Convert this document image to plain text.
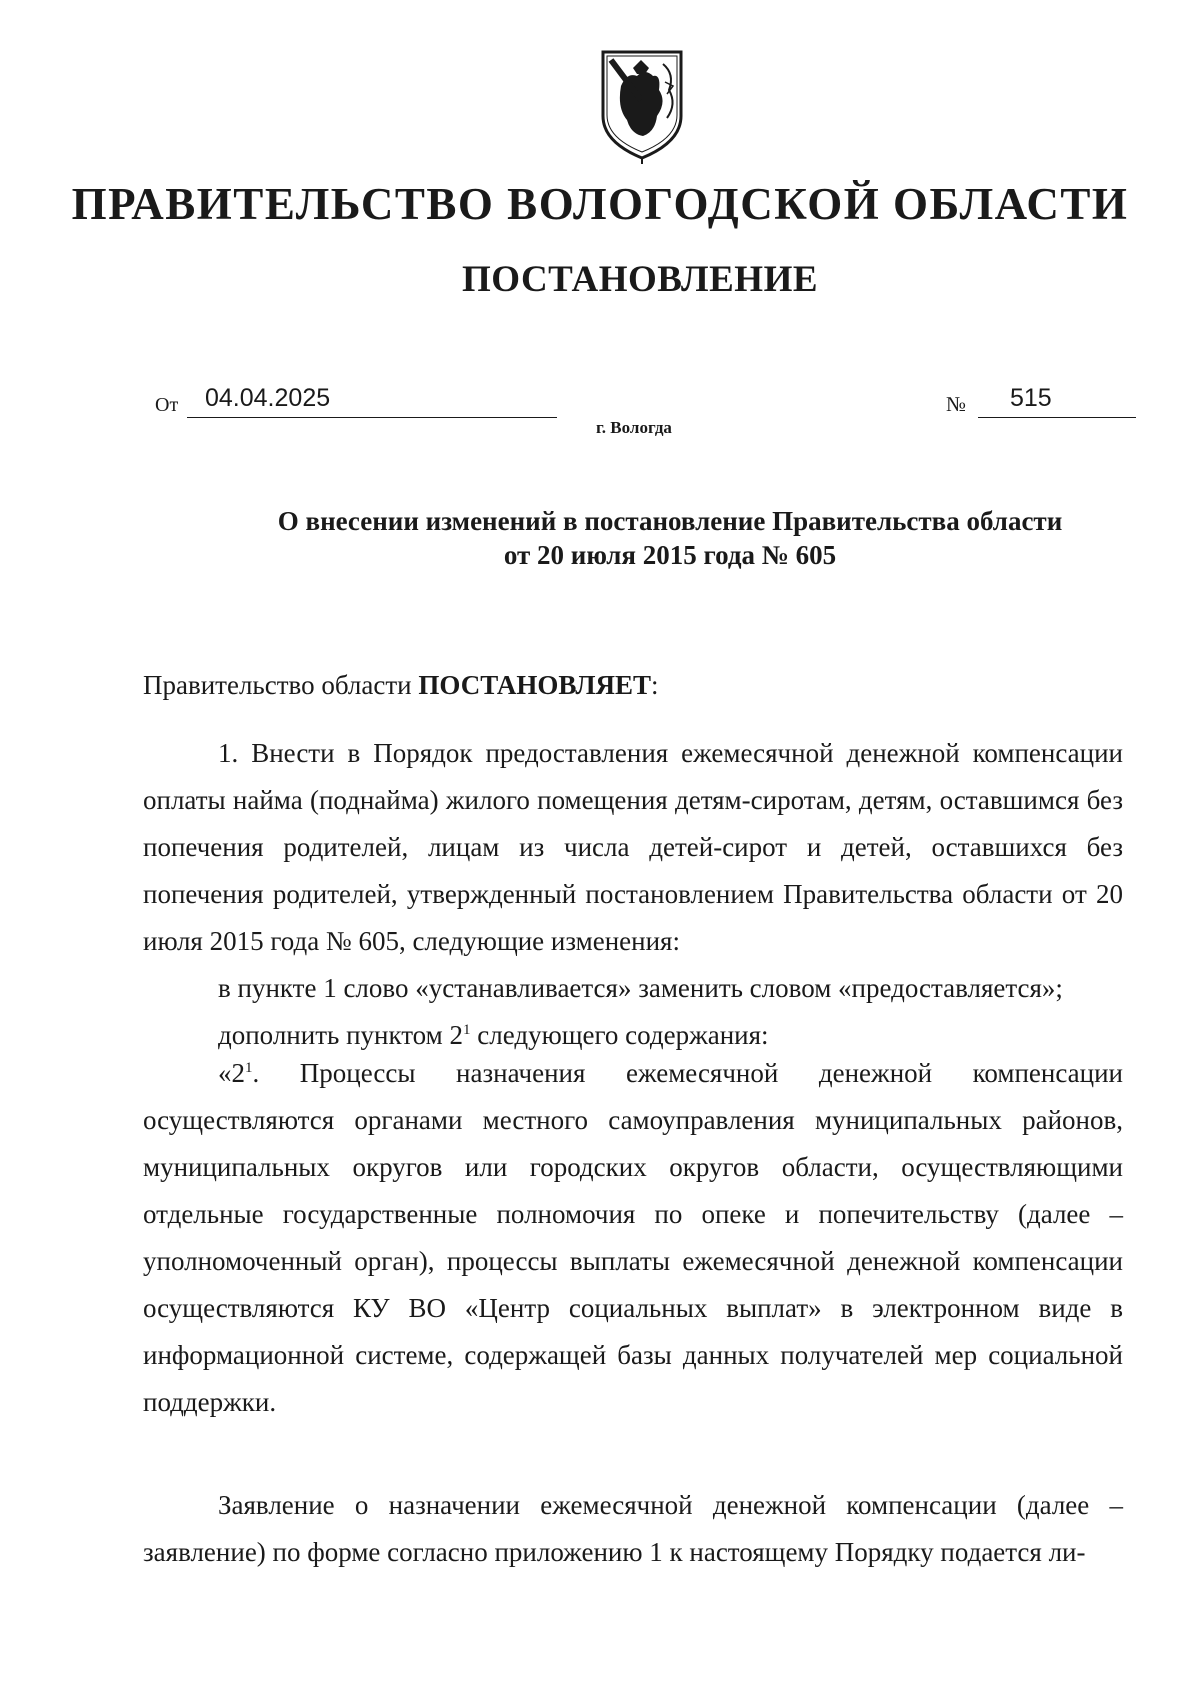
ПРАВИТЕЛЬСТВО ВОЛОГОДСКОЙ ОБЛАСТИ
ПОСТАНОВЛЕНИЕ
От 04.04.2025	№ 515
г. Вологда
О внесении изменений в постановление Правительства области
от 20 июля 2015 года № 605

Правительство области ПОСТАНОВЛЯЕТ:

1. Внести в Порядок предоставления ежемесячной денежной компенсации оплаты найма (поднайма) жилого помещения детям-сиротам, детям, оставшимся без попечения родителей, лицам из числа детей-сирот и детей, оставшихся без попечения родителей, утвержденный постановлением Правительства области от 20 июля 2015 года № 605, следующие изменения:

в пункте 1 слово «устанавливается» заменить словом «предоставляется»;

дополнить пунктом $2^1$ следующего содержания:

«$2^1$. Процессы назначения ежемесячной денежной компенсации осуществляются органами местного самоуправления муниципальных районов, муниципальных округов или городских округов области, осуществляющими отдельные государственные полномочия по опеке и попечительству (далее – уполномоченный орган), процессы выплаты ежемесячной денежной компенсации осуществляются КУ ВО «Центр социальных выплат» в электронном виде в информационной системе, содержащей базы данных получателей мер социальной поддержки.

Заявление о назначении ежемесячной денежной компенсации (далее – заявление) по форме согласно приложению 1 к настоящему Порядку подается ли-
